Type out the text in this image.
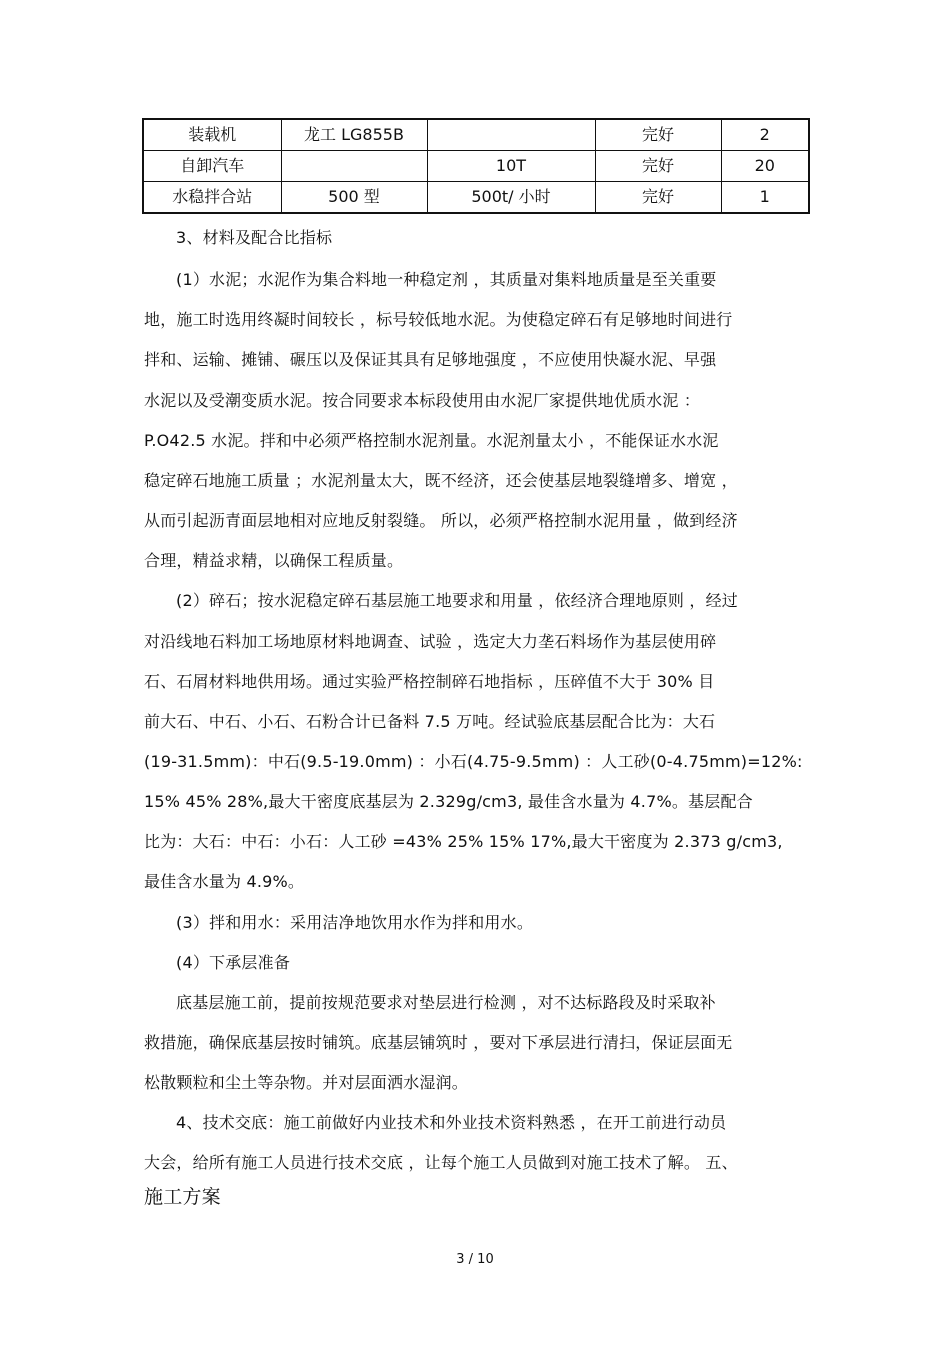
装载机	龙工 LG855B		完好	2
自卸汽车		10T	完好	20
水稳拌合站	500 型	500t/ 小时	完好	1
3、材料及配合比指标
(1）水泥；水泥作为集合料地一种稳定剂 ，其质量对集料地质量是至关重要
地，施工时选用终凝时间较长 ，标号较低地水泥。为使稳定碎石有足够地时间进行
拌和、运输、摊铺、碾压以及保证其具有足够地强度 ，不应使用快凝水泥、早强
水泥以及受潮变质水泥。按合同要求本标段使用由水泥厂家提供地优质水泥 ：
P.O42.5 水泥。拌和中必须严格控制水泥剂量。水泥剂量太小 ，不能保证水水泥
稳定碎石地施工质量 ；水泥剂量太大，既不经济，还会使基层地裂缝增多、增宽 ，
从而引起沥青面层地相对应地反射裂缝。 所以，必须严格控制水泥用量 ，做到经济
合理，精益求精，以确保工程质量。
(2）碎石；按水泥稳定碎石基层施工地要求和用量 ，依经济合理地原则 ，经过
对沿线地石料加工场地原材料地调查、试验 ，选定大力垄石料场作为基层使用碎
石、石屑材料地供用场。通过实验严格控制碎石地指标 ，压碎值不大于 30% 目
前大石、中石、小石、石粉合计已备料 7.5 万吨。经试验底基层配合比为：大石
(19-31.5mm)：中石(9.5-19.0mm) ：小石(4.75-9.5mm) ：人工砂(0-4.75mm)=12%:
15% 45% 28%,最大干密度底基层为 2.329g/cm3, 最佳含水量为 4.7%。基层配合
比为：大石：中石：小石：人工砂 =43% 25% 15% 17%,最大干密度为 2.373 g/cm3,
最佳含水量为 4.9%。
(3）拌和用水：采用洁净地饮用水作为拌和用水。
(4）下承层准备
底基层施工前，提前按规范要求对垫层进行检测 ，对不达标路段及时采取补
救措施，确保底基层按时铺筑。底基层铺筑时 ，要对下承层进行清扫，保证层面无
松散颗粒和尘土等杂物。并对层面洒水湿润。
4、技术交底：施工前做好内业技术和外业技术资料熟悉 ，在开工前进行动员
大会，给所有施工人员进行技术交底 ，让每个施工人员做到对施工技术了解。 五、
施工方案
3 / 10
